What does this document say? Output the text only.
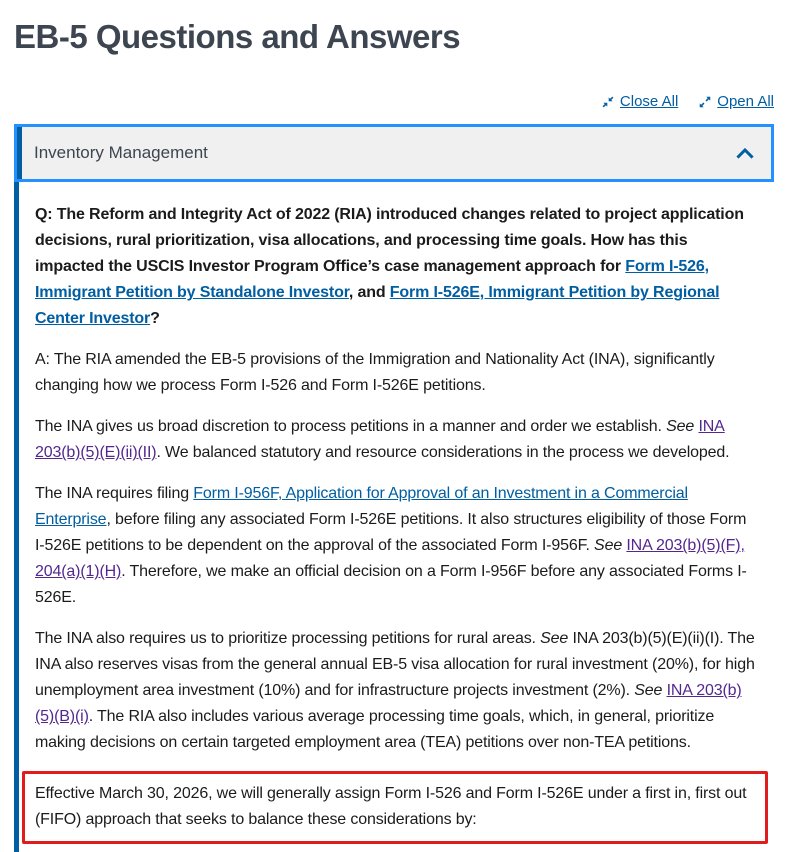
EB-5 Questions and Answers
Close All	Open All
Inventory Management

Q: The Reform and Integrity Act of 2022 (RIA) introduced changes related to project application decisions, rural prioritization, visa allocations, and processing time goals. How has this impacted the USCIS Investor Program Office’s case management approach for Form I-526, Immigrant Petition by Standalone Investor, and Form I-526E, Immigrant Petition by Regional Center Investor?

A: The RIA amended the EB-5 provisions of the Immigration and Nationality Act (INA), significantly changing how we process Form I-526 and Form I-526E petitions.

The INA gives us broad discretion to process petitions in a manner and order we establish. See INA 203(b)(5)(E)(ii)(II). We balanced statutory and resource considerations in the process we developed.

The INA requires filing Form I-956F, Application for Approval of an Investment in a Commercial Enterprise, before filing any associated Form I-526E petitions. It also structures eligibility of those Form I-526E petitions to be dependent on the approval of the associated Form I-956F. See INA 203(b)(5)(F), 204(a)(1)(H). Therefore, we make an official decision on a Form I-956F before any associated Forms I-526E.

The INA also requires us to prioritize processing petitions for rural areas. See INA 203(b)(5)(E)(ii)(I). The INA also reserves visas from the general annual EB-5 visa allocation for rural investment (20%), for high unemployment area investment (10%) and for infrastructure projects investment (2%). See INA 203(b)(5)(B)(i). The RIA also includes various average processing time goals, which, in general, prioritize making decisions on certain targeted employment area (TEA) petitions over non-TEA petitions.

Effective March 30, 2026, we will generally assign Form I-526 and Form I-526E under a first in, first out (FIFO) approach that seeks to balance these considerations by:
